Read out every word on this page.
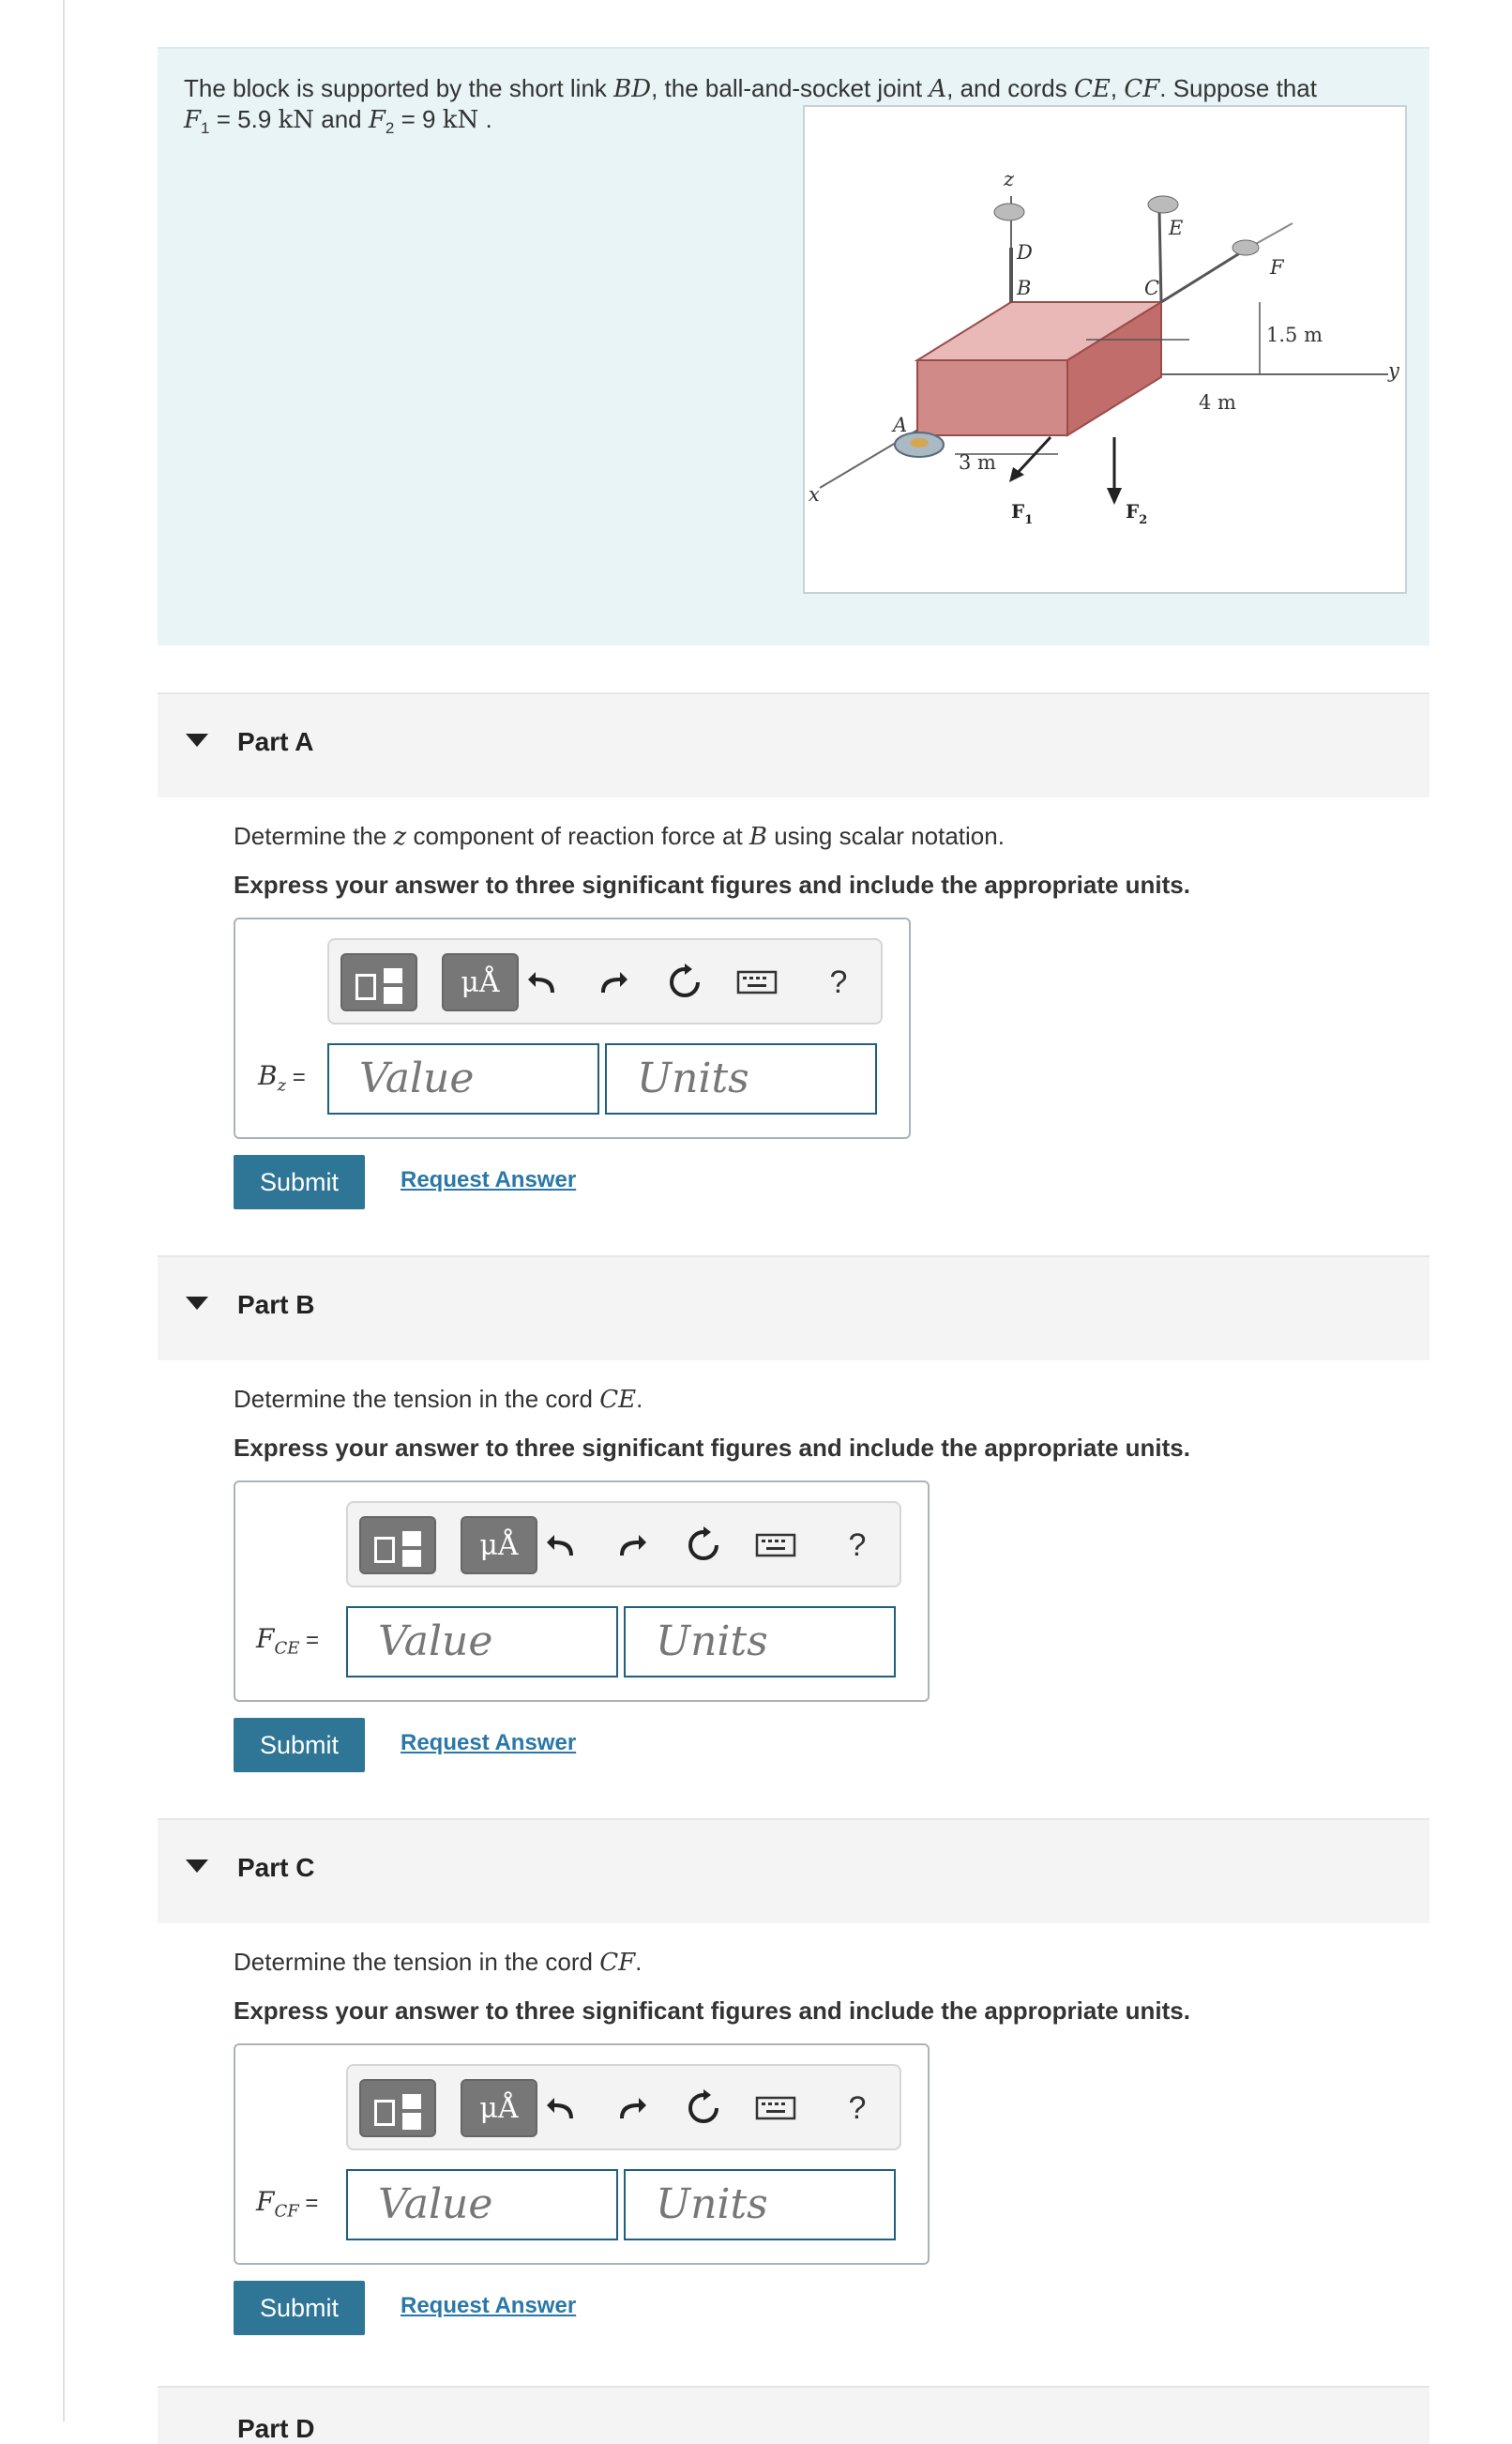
The block is supported by the short link BD, the ball-and-socket joint A, and cords CE, CF. Suppose that
$F_1 = 5.9$ kN and $F_2 = 9$ kN .
z
x
y
A
B	C
D
E
F
3 m
4 m
1.5 m
$F_1$	$F_2$
Part A
Determine the z component of reaction force at B using scalar notation.
Express your answer to three significant figures and include the appropriate units.
μÅ	?
$B_z$ =	Value	Units
Submit	Request Answer
Part B
Determine the tension in the cord CE.
Express your answer to three significant figures and include the appropriate units.
μÅ	?
$F_{CE}$ =	Value	Units
Submit	Request Answer
Part C
Determine the tension in the cord CF.
Express your answer to three significant figures and include the appropriate units.
μÅ	?
$F_{CF}$ =	Value	Units
Submit	Request Answer
Part D
